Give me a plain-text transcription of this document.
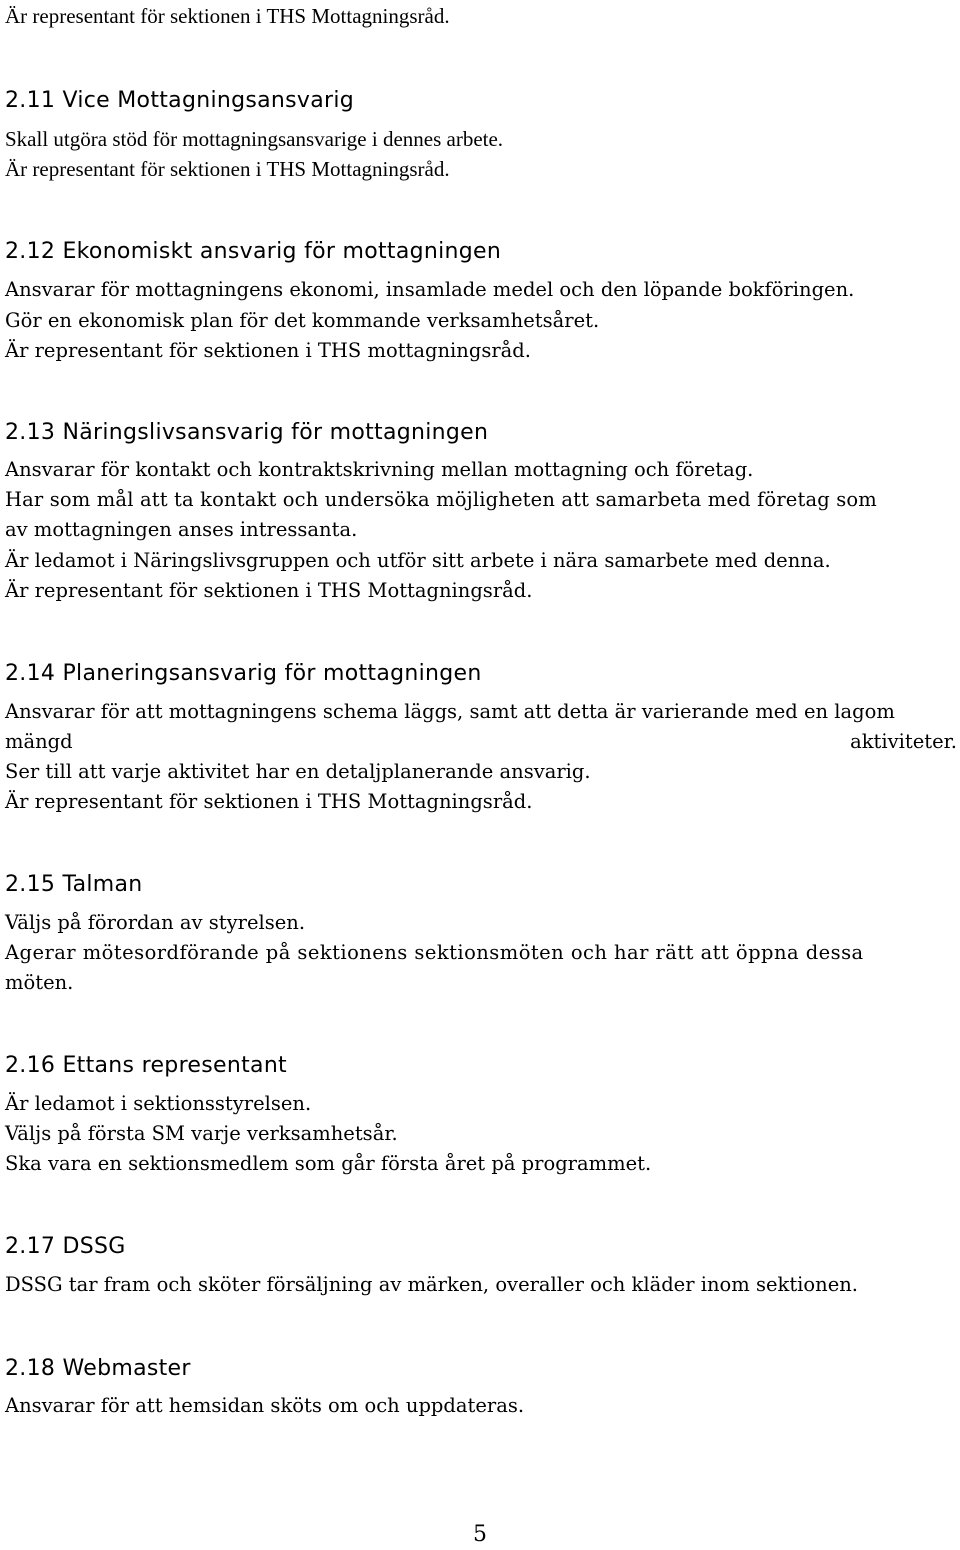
Är representant för sektionen i THS Mottagningsråd.
2.11 Vice Mottagningsansvarig
Skall utgöra stöd för mottagningsansvarige i dennes arbete.
Är representant för sektionen i THS Mottagningsråd.
2.12 Ekonomiskt ansvarig för mottagningen
Ansvarar för mottagningens ekonomi, insamlade medel och den löpande bokföringen.
Gör en ekonomisk plan för det kommande verksamhetsåret.
Är representant för sektionen i THS mottagningsråd.
2.13 Näringslivsansvarig för mottagningen
Ansvarar för kontakt och kontraktskrivning mellan mottagning och företag.
Har som mål att ta kontakt och undersöka möjligheten att samarbeta med företag som
av mottagningen anses intressanta.
Är ledamot i Näringslivsgruppen och utför sitt arbete i nära samarbete med denna.
Är representant för sektionen i THS Mottagningsråd.
2.14 Planeringsansvarig för mottagningen
Ansvarar för att mottagningens schema läggs, samt att detta är varierande med en lagom
mängd	aktiviteter.
Ser till att varje aktivitet har en detaljplanerande ansvarig.
Är representant för sektionen i THS Mottagningsråd.
2.15 Talman
Väljs på förordan av styrelsen.
Agerar mötesordförande på sektionens sektionsmöten och har rätt att öppna dessa
möten.
2.16 Ettans representant
Är ledamot i sektionsstyrelsen.
Väljs på första SM varje verksamhetsår.
Ska vara en sektionsmedlem som går första året på programmet.
2.17 DSSG
DSSG tar fram och sköter försäljning av märken, overaller och kläder inom sektionen.
2.18 Webmaster
Ansvarar för att hemsidan sköts om och uppdateras.
5
